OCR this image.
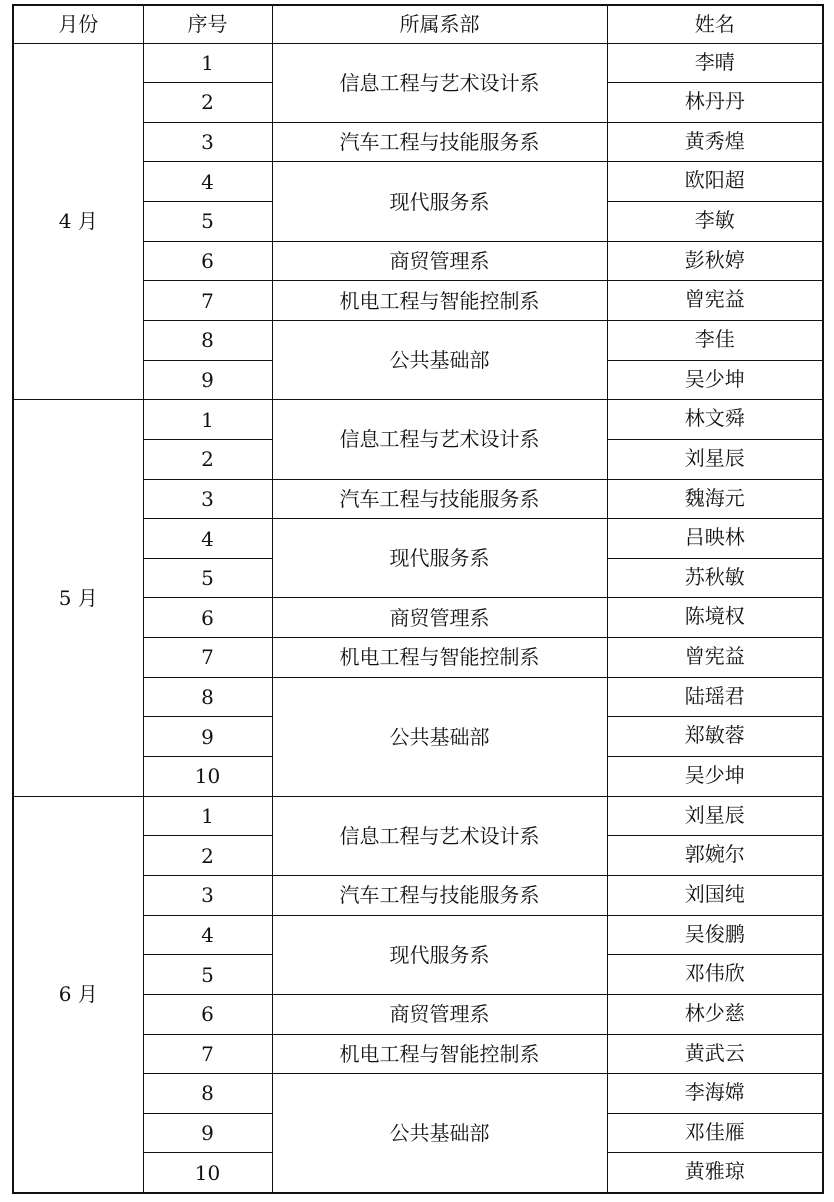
月份	序号	所属系部	姓名
4 月	1	信息工程与艺术设计系	李晴
	2		林丹丹
	3	汽车工程与技能服务系	黄秀煌
	4	现代服务系	欧阳超
	5		李敏
	6	商贸管理系	彭秋婷
	7	机电工程与智能控制系	曾宪益
	8	公共基础部	李佳
	9		吴少坤
5 月	1	信息工程与艺术设计系	林文舜
	2		刘星辰
	3	汽车工程与技能服务系	魏海元
	4	现代服务系	吕映林
	5		苏秋敏
	6	商贸管理系	陈境权
	7	机电工程与智能控制系	曾宪益
	8	公共基础部	陆瑶君
	9		郑敏蓉
	10		吴少坤
6 月	1	信息工程与艺术设计系	刘星辰
	2		郭婉尔
	3	汽车工程与技能服务系	刘国纯
	4	现代服务系	吴俊鹏
	5		邓伟欣
	6	商贸管理系	林少慈
	7	机电工程与智能控制系	黄武云
	8	公共基础部	李海嫦
	9		邓佳雁
	10		黄雅琼
